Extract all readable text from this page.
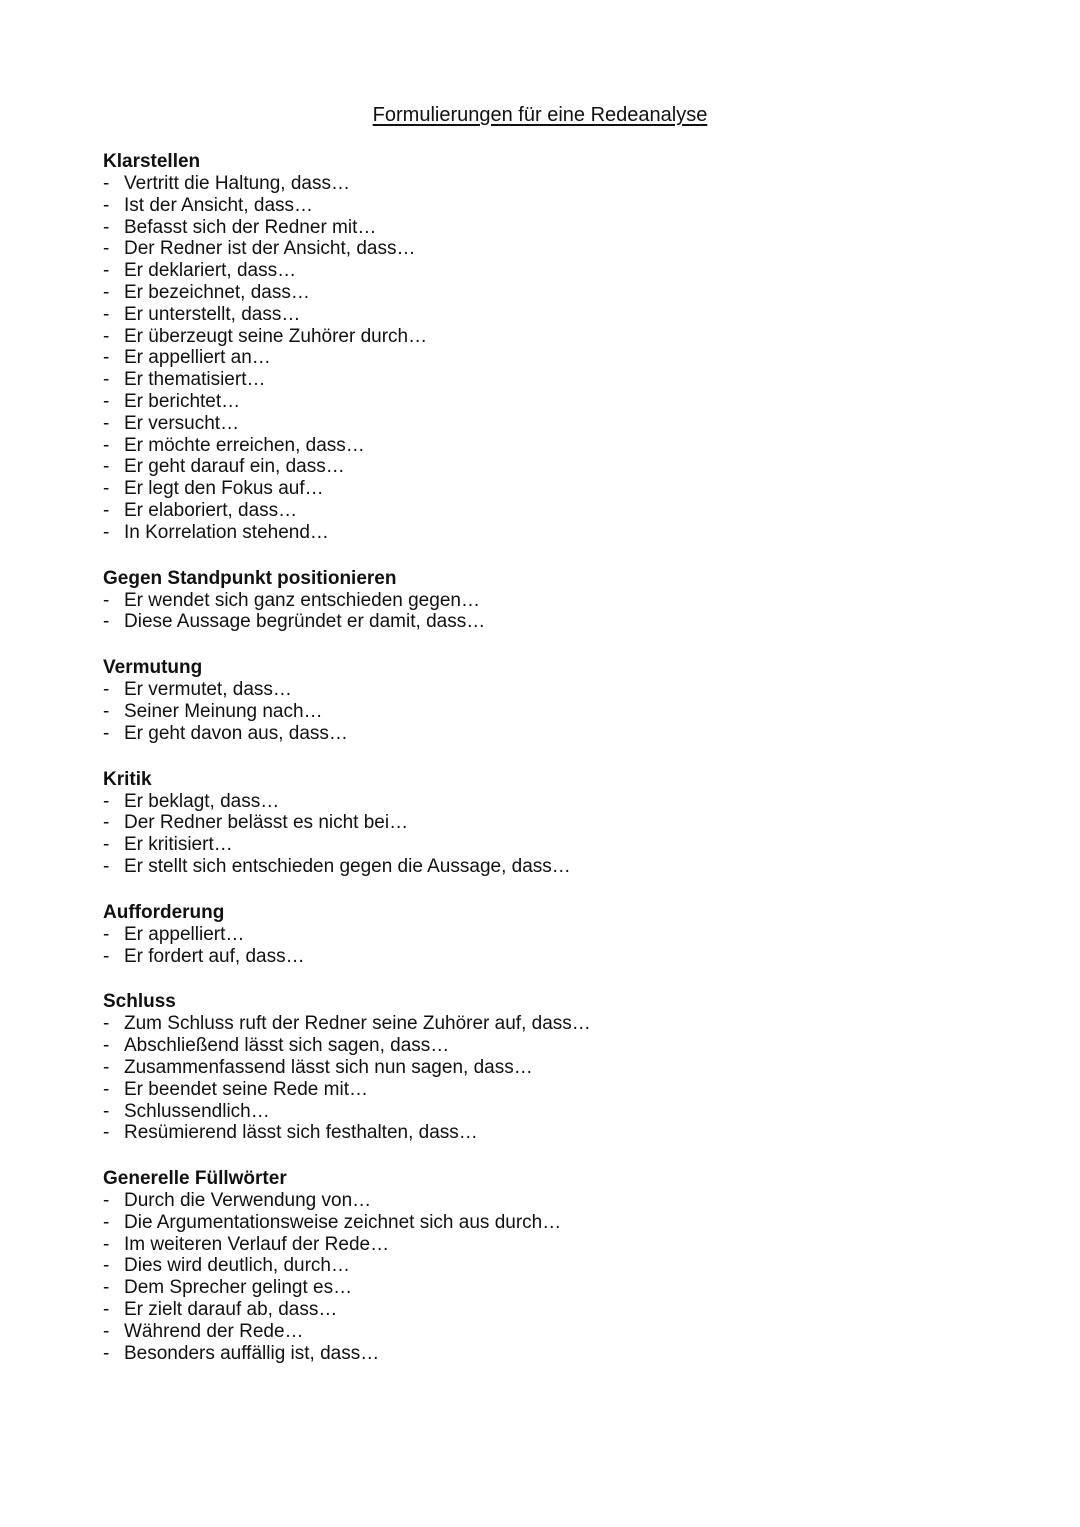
Formulierungen für eine Redeanalyse
Klarstellen
- Vertritt die Haltung, dass…
- Ist der Ansicht, dass…
- Befasst sich der Redner mit…
- Der Redner ist der Ansicht, dass…
- Er deklariert, dass…
- Er bezeichnet, dass…
- Er unterstellt, dass…
- Er überzeugt seine Zuhörer durch…
- Er appelliert an…
- Er thematisiert…
- Er berichtet…
- Er versucht…
- Er möchte erreichen, dass…
- Er geht darauf ein, dass…
- Er legt den Fokus auf…
- Er elaboriert, dass…
- In Korrelation stehend…
Gegen Standpunkt positionieren
- Er wendet sich ganz entschieden gegen…
- Diese Aussage begründet er damit, dass…
Vermutung
- Er vermutet, dass…
- Seiner Meinung nach…
- Er geht davon aus, dass…
Kritik
- Er beklagt, dass…
- Der Redner belässt es nicht bei…
- Er kritisiert…
- Er stellt sich entschieden gegen die Aussage, dass…
Aufforderung
- Er appelliert…
- Er fordert auf, dass…
Schluss
- Zum Schluss ruft der Redner seine Zuhörer auf, dass…
- Abschließend lässt sich sagen, dass…
- Zusammenfassend lässt sich nun sagen, dass…
- Er beendet seine Rede mit…
- Schlussendlich…
- Resümierend lässt sich festhalten, dass…
Generelle Füllwörter
- Durch die Verwendung von…
- Die Argumentationsweise zeichnet sich aus durch…
- Im weiteren Verlauf der Rede…
- Dies wird deutlich, durch…
- Dem Sprecher gelingt es…
- Er zielt darauf ab, dass…
- Während der Rede…
- Besonders auffällig ist, dass…
